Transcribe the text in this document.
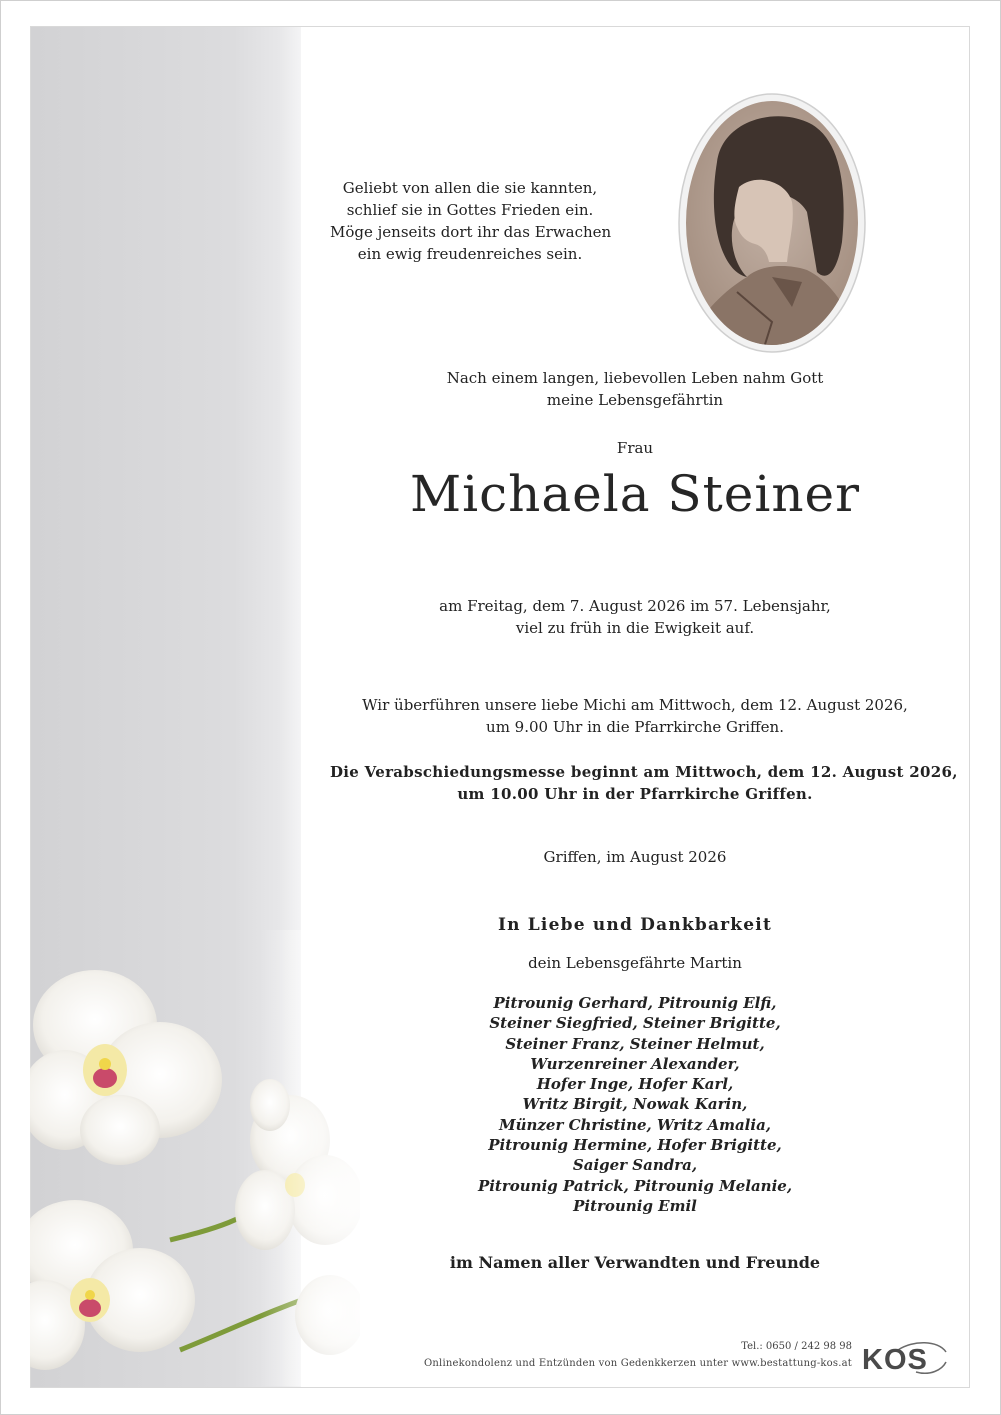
Geliebt von allen die sie kannten,
schlief sie in Gottes Frieden ein.
Möge jenseits dort ihr das Erwachen
ein ewig freudenreiches sein.
Nach einem langen, liebevollen Leben nahm Gott
meine Lebensgefährtin
Frau
Michaela Steiner
am Freitag, dem 7. August 2026 im 57. Lebensjahr,
viel zu früh in die Ewigkeit auf.
Wir überführen unsere liebe Michi am Mittwoch, dem 12. August 2026,
um 9.00 Uhr in die Pfarrkirche Griffen.
Die Verabschiedungsmesse beginnt am Mittwoch, dem 12. August 2026,
um 10.00 Uhr in der Pfarrkirche Griffen.
Griffen, im August 2026
In Liebe und Dankbarkeit
dein Lebensgefährte Martin
Pitrounig Gerhard, Pitrounig Elfi,
Steiner Siegfried, Steiner Brigitte,
Steiner Franz, Steiner Helmut,
Wurzenreiner Alexander,
Hofer Inge, Hofer Karl,
Writz Birgit, Nowak Karin,
Münzer Christine, Writz Amalia,
Pitrounig Hermine, Hofer Brigitte,
Saiger Sandra,
Pitrounig Patrick, Pitrounig Melanie,
Pitrounig Emil
im Namen aller Verwandten und Freunde
Tel.: 0650 / 242 98 98
Onlinekondolenz und Entzünden von Gedenkkerzen unter www.bestattung-kos.at KOS
